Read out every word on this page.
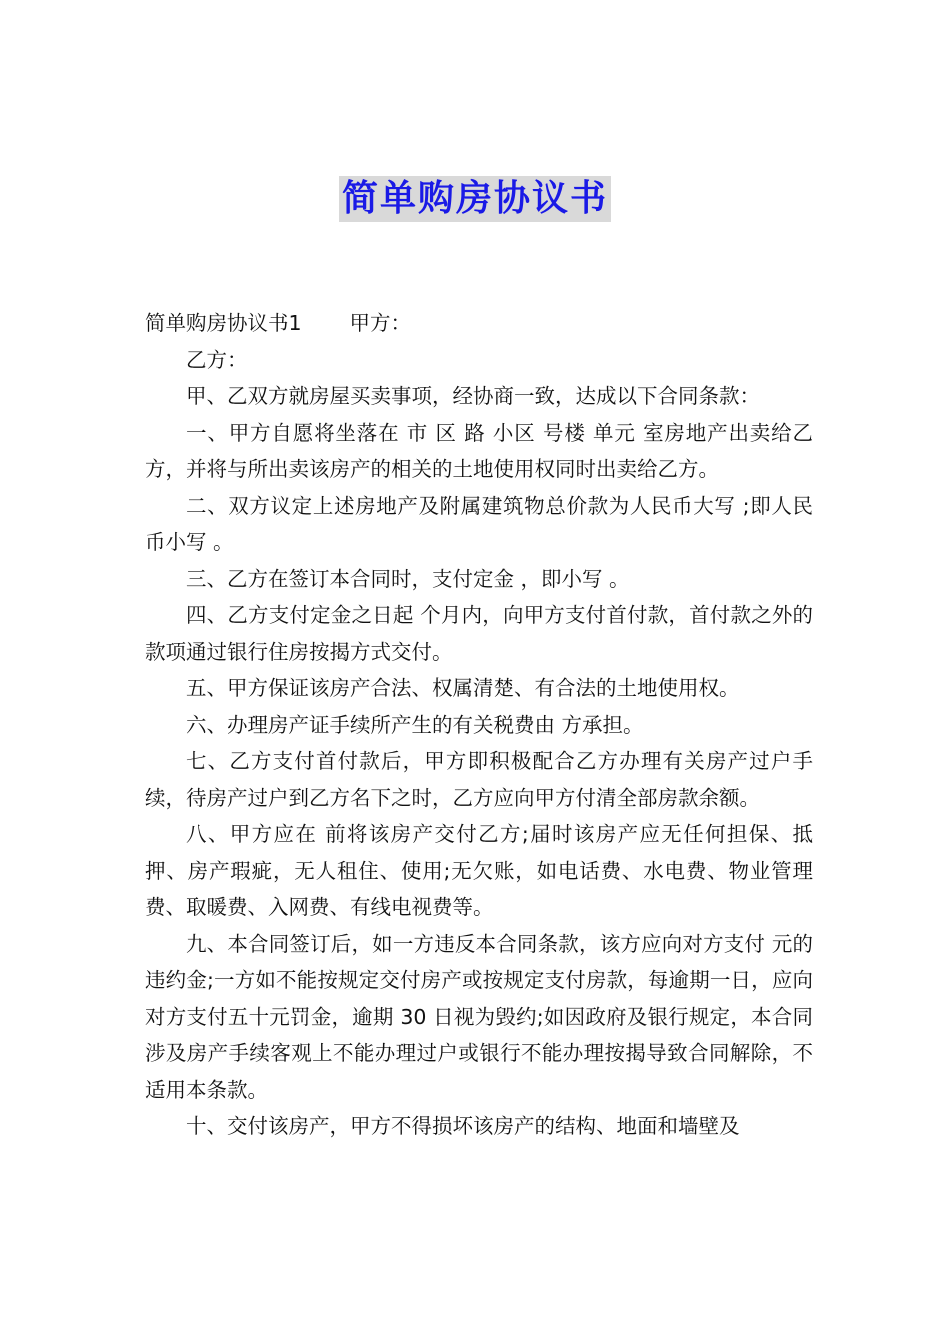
简单购房协议书

简单购房协议书1 甲方：

乙方：

甲、乙双方就房屋买卖事项，经协商一致，达成以下合同条款：

一、甲方自愿将坐落在 市 区 路 小区 号楼 单元 室房地产出卖给乙方，并将与所出卖该房产的相关的土地使用权同时出卖给乙方。

二、双方议定上述房地产及附属建筑物总价款为人民币大写 ;即人民币小写 。

三、乙方在签订本合同时，支付定金 ，即小写 。

四、乙方支付定金之日起 个月内，向甲方支付首付款，首付款之外的款项通过银行住房按揭方式交付。

五、甲方保证该房产合法、权属清楚、有合法的土地使用权。

六、办理房产证手续所产生的有关税费由 方承担。

七、乙方支付首付款后，甲方即积极配合乙方办理有关房产过户手续，待房产过户到乙方名下之时，乙方应向甲方付清全部房款余额。

八、甲方应在 前将该房产交付乙方;届时该房产应无任何担保、抵押、房产瑕疵，无人租住、使用;无欠账，如电话费、水电费、物业管理费、取暖费、入网费、有线电视费等。

九、本合同签订后，如一方违反本合同条款，该方应向对方支付 元的违约金;一方如不能按规定交付房产或按规定支付房款，每逾期一日，应向对方支付五十元罚金，逾期 30 日视为毁约;如因政府及银行规定，本合同涉及房产手续客观上不能办理过户或银行不能办理按揭导致合同解除，不适用本条款。

十、交付该房产，甲方不得损坏该房产的结构、地面和墙壁及
